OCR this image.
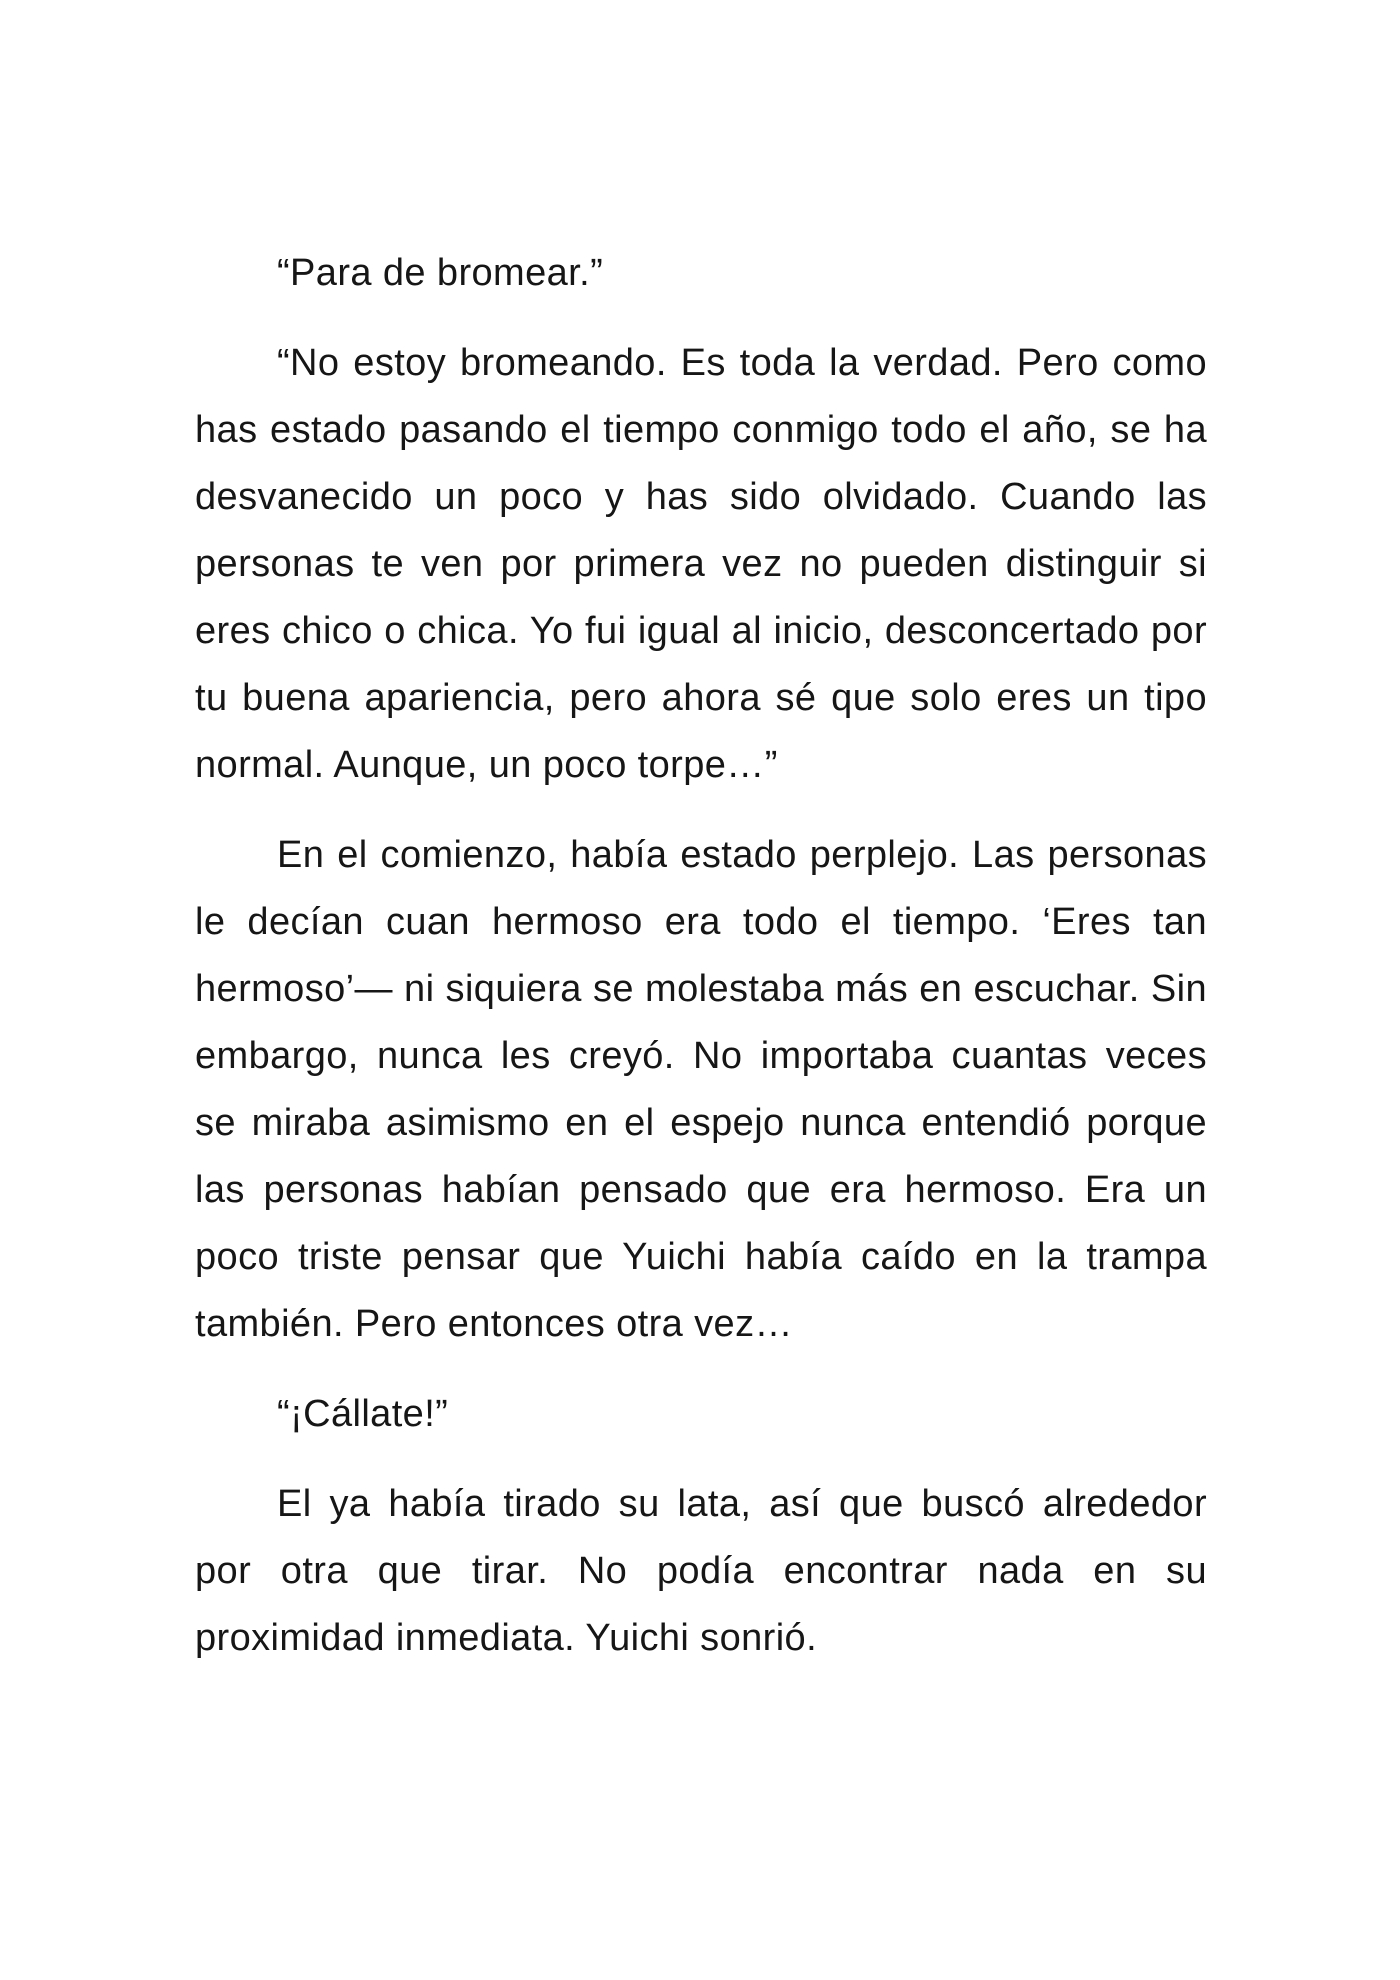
“Para de bromear.”

“No estoy bromeando. Es toda la verdad. Pero como has estado pasando el tiempo conmigo todo el año, se ha desvanecido un poco y has sido olvidado. Cuando las personas te ven por primera vez no pueden distinguir si eres chico o chica. Yo fui igual al inicio, desconcertado por tu buena apariencia, pero ahora sé que solo eres un tipo normal. Aunque, un poco torpe…”

En el comienzo, había estado perplejo. Las personas le decían cuan hermoso era todo el tiempo. ‘Eres tan hermoso’— ni siquiera se molestaba más en escuchar. Sin embargo, nunca les creyó. No importaba cuantas veces se miraba asimismo en el espejo nunca entendió porque las personas habían pensado que era hermoso. Era un poco triste pensar que Yuichi había caído en la trampa también. Pero entonces otra vez…

“¡Cállate!”

El ya había tirado su lata, así que buscó alrededor por otra que tirar. No podía encontrar nada en su proximidad inmediata. Yuichi sonrió.
